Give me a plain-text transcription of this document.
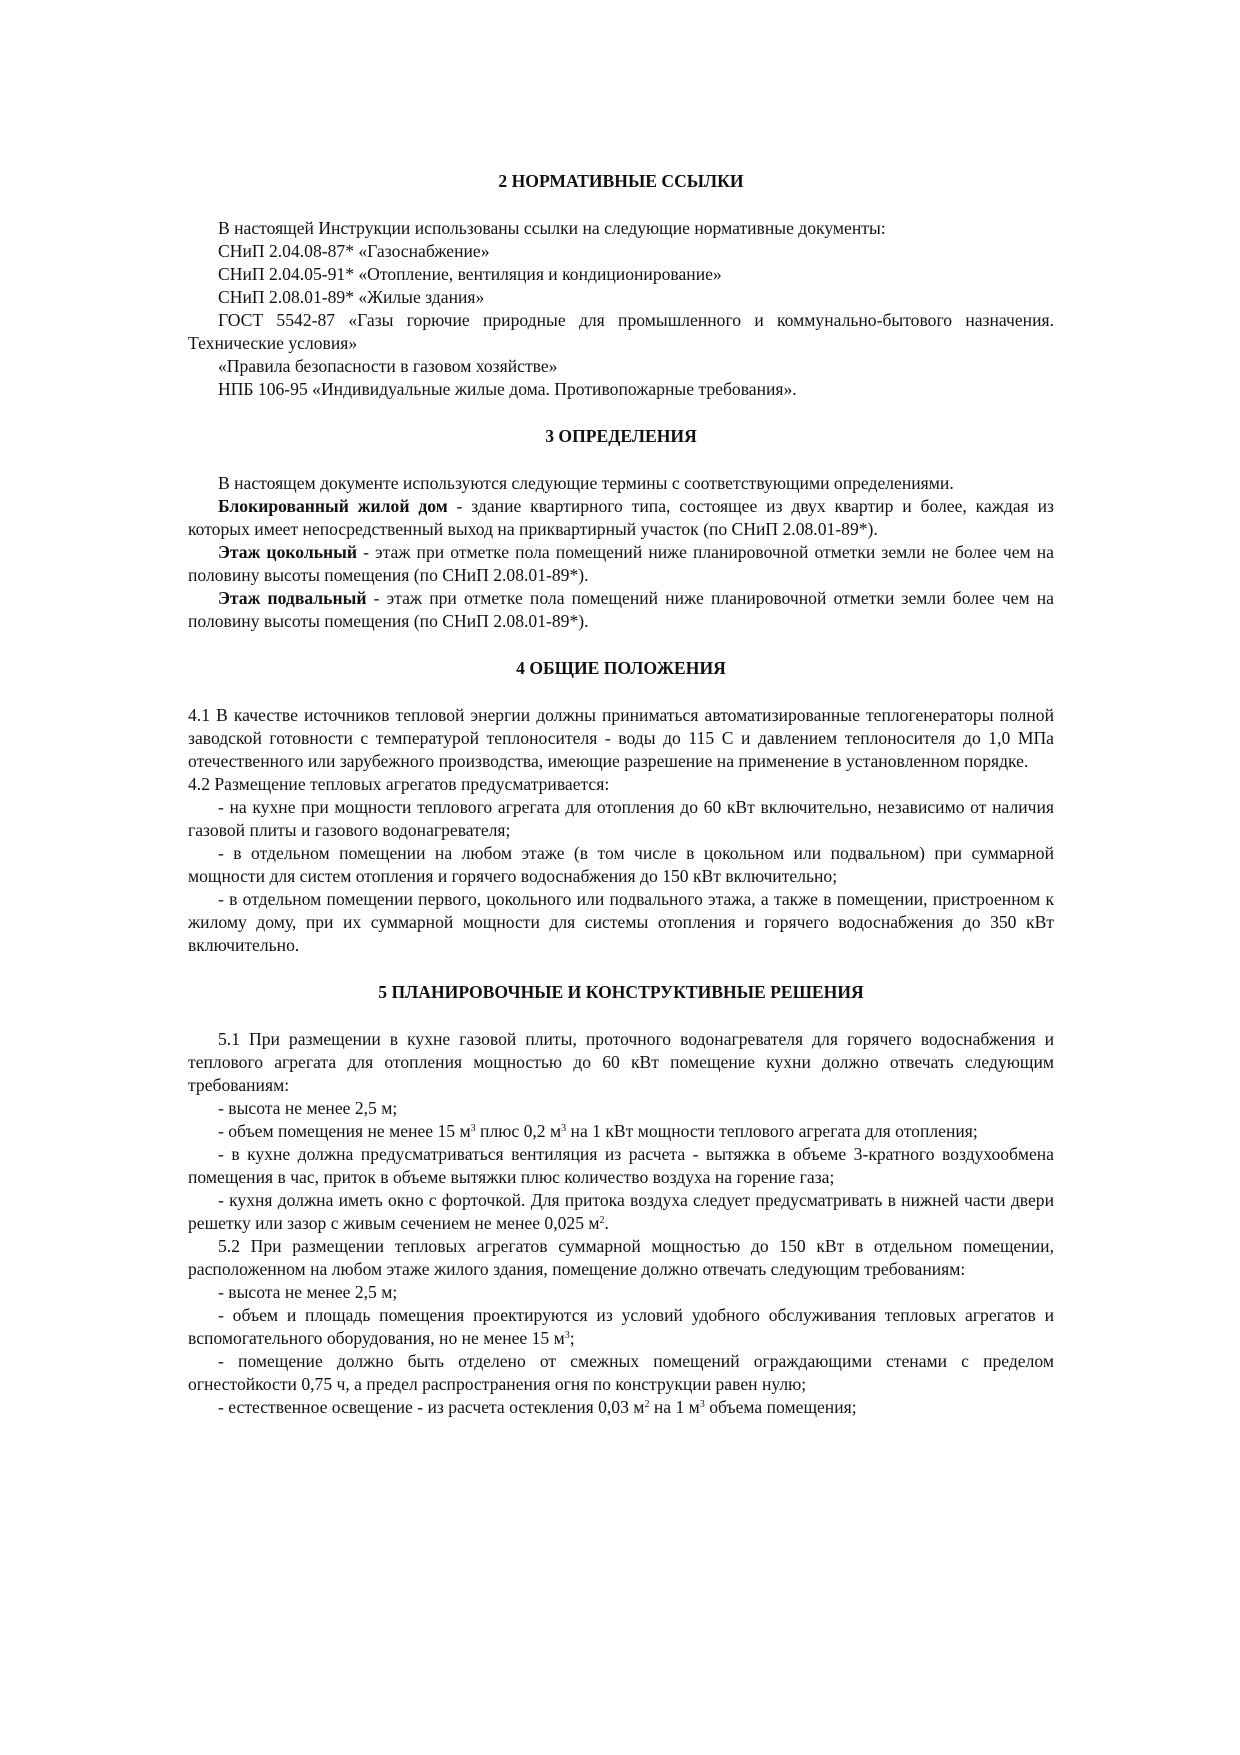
2 НОРМАТИВНЫЕ ССЫЛКИ

В настоящей Инструкции использованы ссылки на следующие нормативные документы:

СНиП 2.04.08-87* «Газоснабжение»

СНиП 2.04.05-91* «Отопление, вентиляция и кондиционирование»

СНиП 2.08.01-89* «Жилые здания»

ГОСТ 5542-87 «Газы горючие природные для промышленного и коммунально-бытового назначения. Технические условия»

«Правила безопасности в газовом хозяйстве»

НПБ 106-95 «Индивидуальные жилые дома. Противопожарные требования».

3 ОПРЕДЕЛЕНИЯ

В настоящем документе используются следующие термины с соответствующими определениями.

Блокированный жилой дом - здание квартирного типа, состоящее из двух квартир и более, каждая из которых имеет непосредственный выход на приквартирный участок (по СНиП 2.08.01-89*).

Этаж цокольный - этаж при отметке пола помещений ниже планировочной отметки земли не более чем на половину высоты помещения (по СНиП 2.08.01-89*).

Этаж подвальный - этаж при отметке пола помещений ниже планировочной отметки земли более чем на половину высоты помещения (по СНиП 2.08.01-89*).

4 ОБЩИЕ ПОЛОЖЕНИЯ

4.1 В качестве источников тепловой энергии должны приниматься автоматизированные теплогенераторы полной заводской готовности с температурой теплоносителя - воды до 115 С и давлением теплоносителя до 1,0 МПа отечественного или зарубежного производства, имеющие разрешение на применение в установленном порядке.

4.2 Размещение тепловых агрегатов предусматривается:

- на кухне при мощности теплового агрегата для отопления до 60 кВт включительно, независимо от наличия газовой плиты и газового водонагревателя;

- в отдельном помещении на любом этаже (в том числе в цокольном или подвальном) при суммарной мощности для систем отопления и горячего водоснабжения до 150 кВт включительно;

- в отдельном помещении первого, цокольного или подвального этажа, а также в помещении, пристроенном к жилому дому, при их суммарной мощности для системы отопления и горячего водоснабжения до 350 кВт включительно.

5 ПЛАНИРОВОЧНЫЕ И КОНСТРУКТИВНЫЕ РЕШЕНИЯ

5.1 При размещении в кухне газовой плиты, проточного водонагревателя для горячего водоснабжения и теплового агрегата для отопления мощностью до 60 кВт помещение кухни должно отвечать следующим требованиям:

- высота не менее 2,5 м;

- объем помещения не менее 15 $м^3$ плюс 0,2 $м^3$ на 1 кВт мощности теплового агрегата для отопления;

- в кухне должна предусматриваться вентиляция из расчета - вытяжка в объеме 3-кратного воздухообмена помещения в час, приток в объеме вытяжки плюс количество воздуха на горение газа;

- кухня должна иметь окно с форточкой. Для притока воздуха следует предусматривать в нижней части двери решетку или зазор с живым сечением не менее 0,025 $м^2$.

5.2 При размещении тепловых агрегатов суммарной мощностью до 150 кВт в отдельном помещении, расположенном на любом этаже жилого здания, помещение должно отвечать следующим требованиям:

- высота не менее 2,5 м;

- объем и площадь помещения проектируются из условий удобного обслуживания тепловых агрегатов и вспомогательного оборудования, но не менее 15 $м^3$;

- помещение должно быть отделено от смежных помещений ограждающими стенами с пределом огнестойкости 0,75 ч, а предел распространения огня по конструкции равен нулю;

- естественное освещение - из расчета остекления 0,03 $м^2$ на 1 $м^3$ объема помещения;
